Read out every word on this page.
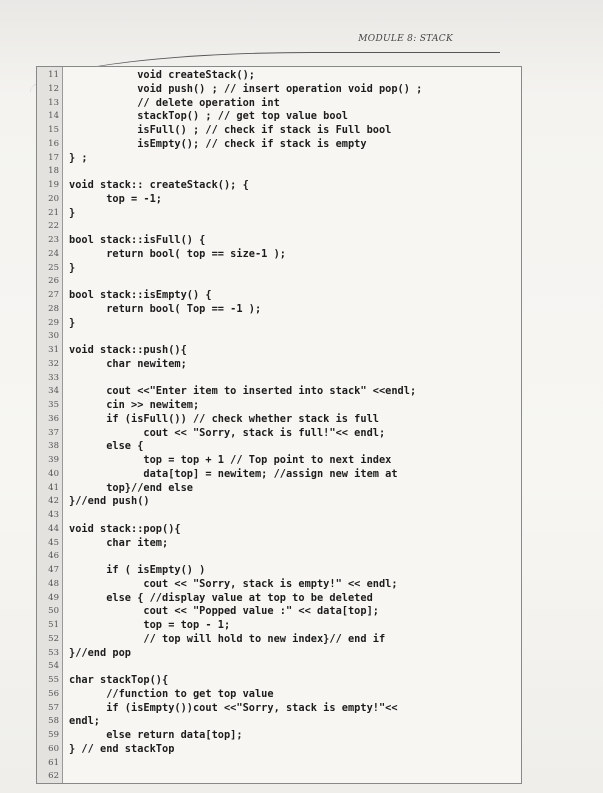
MODULE 8: STACK
11 void createStack();
12 void push() ; // insert operation void pop() ;
13 // delete operation int
14 stackTop() ; // get top value bool
15 isFull() ; // check if stack is Full bool
16 isEmpty(); // check if stack is empty
17 } ;
18
19 void stack:: createStack(); {
20 top = -1;
21 }
22
23 bool stack::isFull() {
24 return bool( top == size-1 );
25 }
26
27 bool stack::isEmpty() {
28 return bool( Top == -1 );
29 }
30
31 void stack::push(){
32 char newitem;
33
34 cout <<"Enter item to inserted into stack" <<endl;
35 cin >> newitem;
36 if (isFull()) // check whether stack is full
37 cout << "Sorry, stack is full!"<< endl;
38 else {
39 top = top + 1 // Top point to next index
40 data[top] = newitem; //assign new item at
41 top}//end else
42 }//end push()
43
44 void stack::pop(){
45 char item;
46
47 if ( isEmpty() )
48 cout << "Sorry, stack is empty!" << endl;
49 else { //display value at top to be deleted
50 cout << "Popped value :" << data[top];
51 top = top - 1;
52 // top will hold to new index}// end if
53 }//end pop
54
55 char stackTop(){
56 //function to get top value
57 if (isEmpty())cout <<"Sorry, stack is empty!"<<
58 endl;
59 else return data[top];
60 } // end stackTop
61
62
